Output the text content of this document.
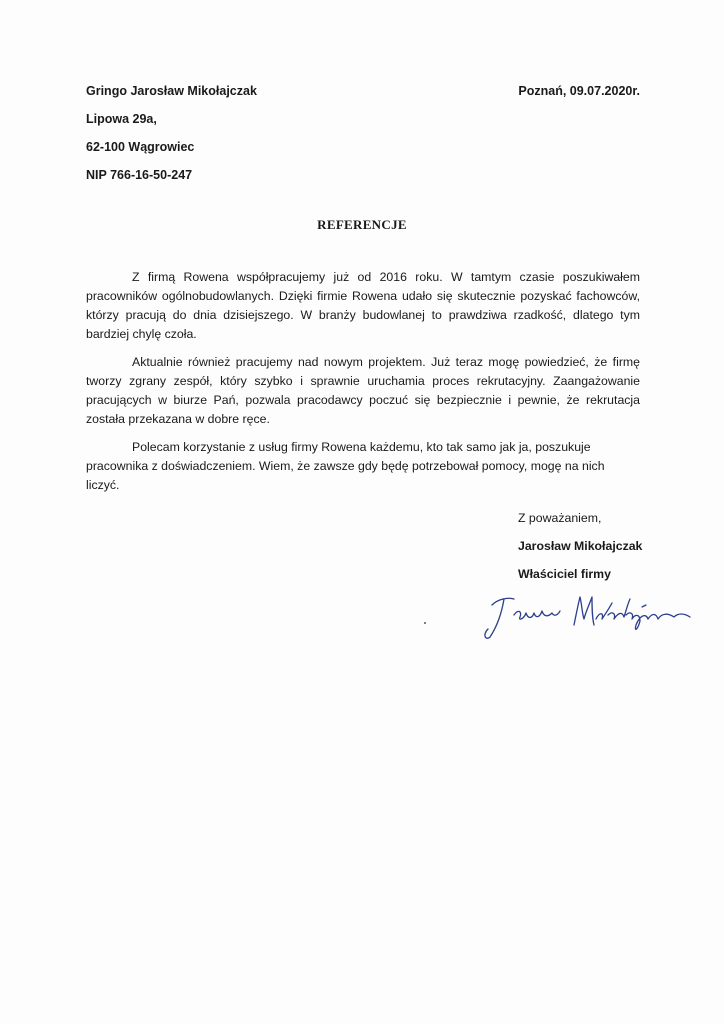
Gringo Jarosław Mikołajczak
Lipowa 29a,
62-100 Wągrowiec
NIP 766-16-50-247
Poznań, 09.07.2020r.
REFERENCJE

Z firmą Rowena współpracujemy już od 2016 roku. W tamtym czasie poszukiwałem pracowników ogólnobudowlanych. Dzięki firmie Rowena udało się skutecznie pozyskać fachowców, którzy pracują do dnia dzisiejszego. W branży budowlanej to prawdziwa rzadkość, dlatego tym bardziej chylę czoła.

Aktualnie również pracujemy nad nowym projektem. Już teraz mogę powiedzieć, że firmę tworzy zgrany zespół, który szybko i sprawnie uruchamia proces rekrutacyjny. Zaangażowanie pracujących w biurze Pań, pozwala pracodawcy poczuć się bezpiecznie i pewnie, że rekrutacja została przekazana w dobre ręce.

Polecam korzystanie z usług firmy Rowena każdemu, kto tak samo jak ja, poszukuje pracownika z doświadczeniem. Wiem, że zawsze gdy będę potrzebował pomocy, mogę na nich liczyć.

Z poważaniem,
Jarosław Mikołajczak
Właściciel firmy
